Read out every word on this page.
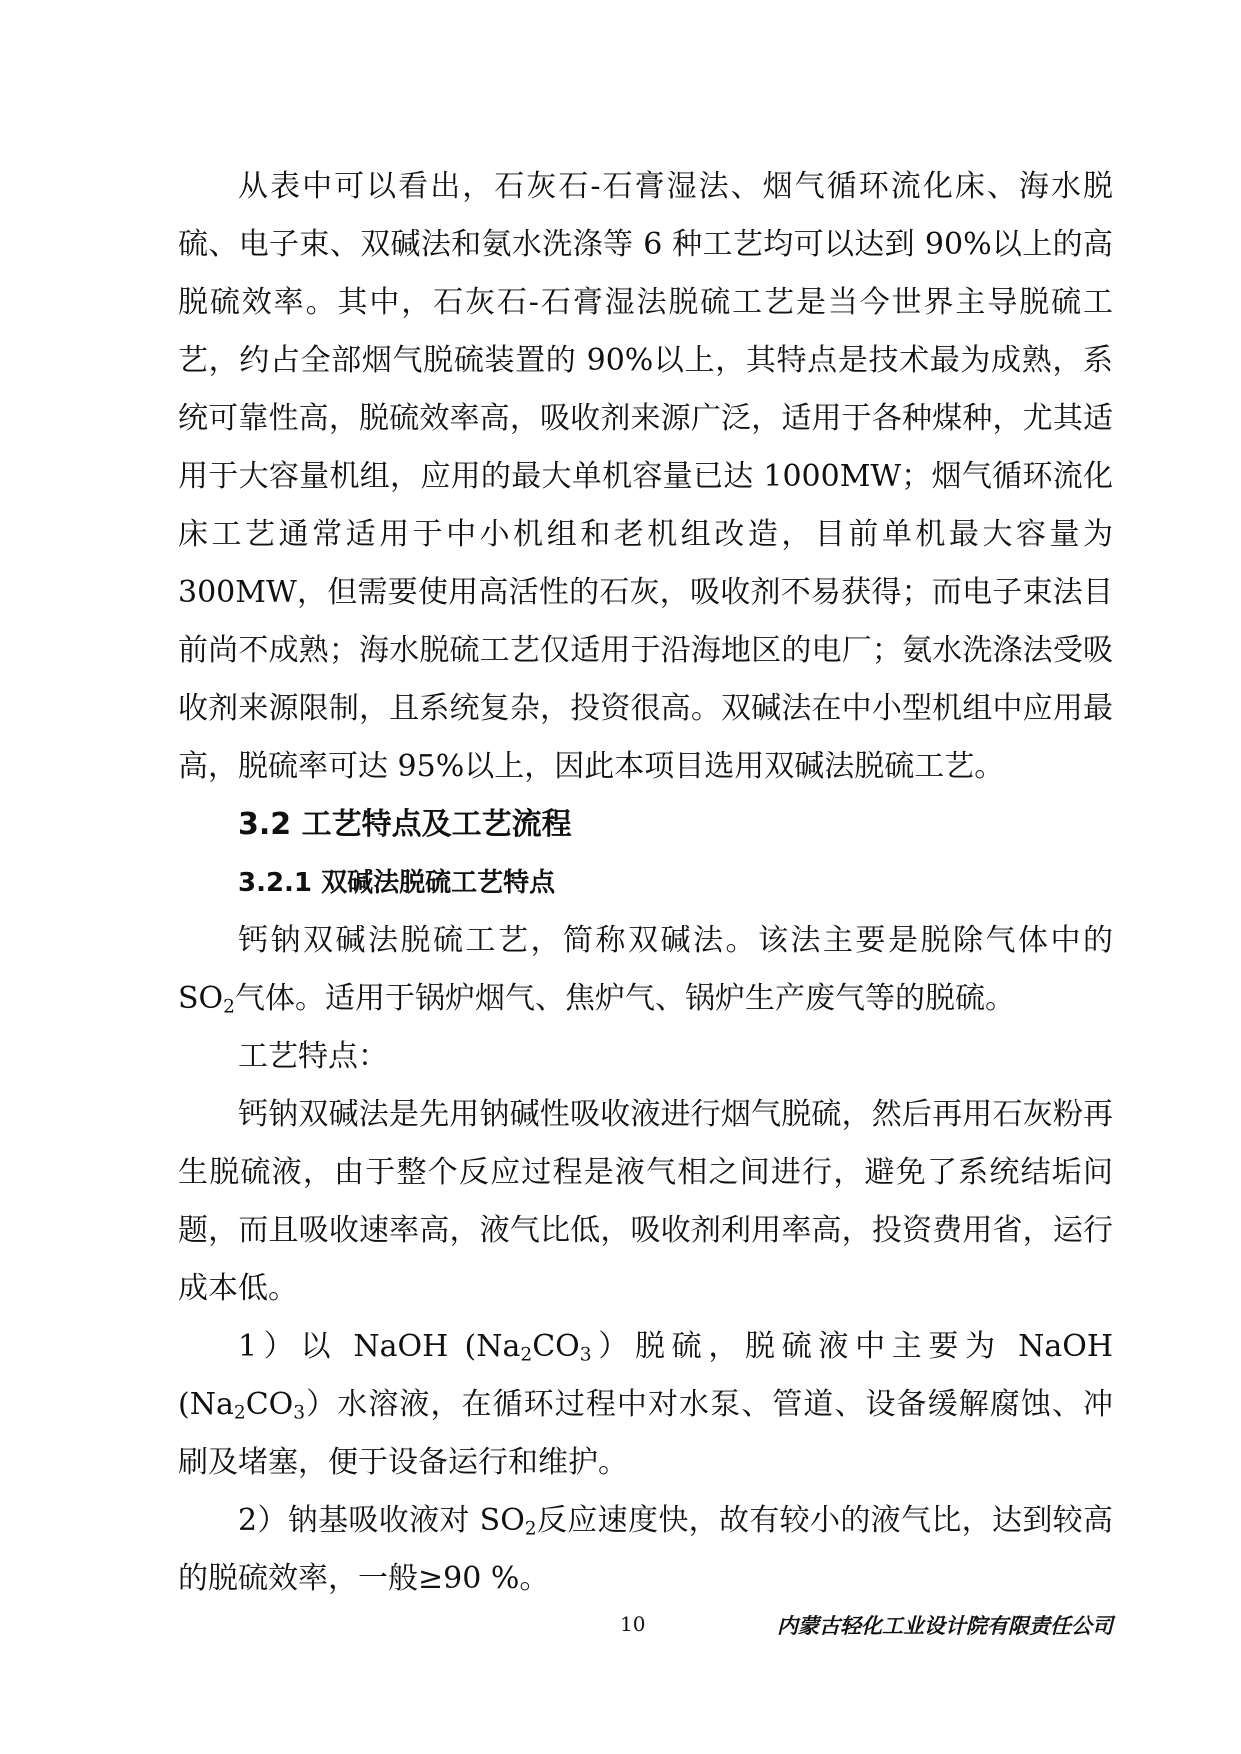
从表中可以看出，石灰石-石膏湿法、烟气循环流化床、海水脱硫、电子束、双碱法和氨水洗涤等 6 种工艺均可以达到 90%以上的高脱硫效率。其中，石灰石-石膏湿法脱硫工艺是当今世界主导脱硫工艺，约占全部烟气脱硫装置的 90%以上，其特点是技术最为成熟，系统可靠性高，脱硫效率高，吸收剂来源广泛，适用于各种煤种，尤其适用于大容量机组，应用的最大单机容量已达 1000MW；烟气循环流化床工艺通常适用于中小机组和老机组改造，目前单机最大容量为 300MW，但需要使用高活性的石灰，吸收剂不易获得；而电子束法目前尚不成熟；海水脱硫工艺仅适用于沿海地区的电厂；氨水洗涤法受吸收剂来源限制，且系统复杂，投资很高。双碱法在中小型机组中应用最高，脱硫率可达 95%以上，因此本项目选用双碱法脱硫工艺。

3.2 工艺特点及工艺流程

3.2.1 双碱法脱硫工艺特点

钙钠双碱法脱硫工艺，简称双碱法。该法主要是脱除气体中的 $SO_2$气体。适用于锅炉烟气、焦炉气、锅炉生产废气等的脱硫。

工艺特点：

钙钠双碱法是先用钠碱性吸收液进行烟气脱硫，然后再用石灰粉再生脱硫液，由于整个反应过程是液气相之间进行，避免了系统结垢问题，而且吸收速率高，液气比低，吸收剂利用率高，投资费用省，运行成本低。

1）以 NaOH $(Na_2CO_3)$脱硫，脱硫液中主要为 NaOH $(Na_2CO_3)$水溶液，在循环过程中对水泵、管道、设备缓解腐蚀、冲刷及堵塞，便于设备运行和维护。

2）钠基吸收液对 $SO_2$反应速度快，故有较小的液气比，达到较高的脱硫效率，一般≥90 %。

10	内蒙古轻化工业设计院有限责任公司
